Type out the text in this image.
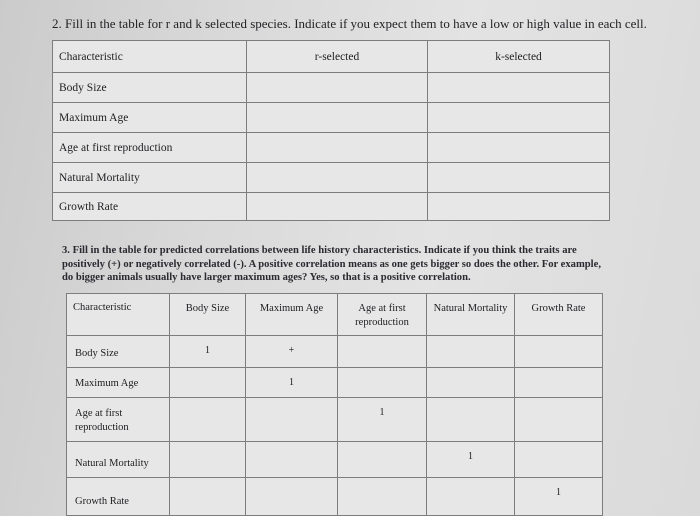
2. Fill in the table for r and k selected species. Indicate if you expect them to have a low or high value in each cell.
Characteristic	r-selected	k-selected
Body Size		
Maximum Age		
Age at first reproduction		
Natural Mortality		
Growth Rate		
3. Fill in the table for predicted correlations between life history characteristics. Indicate if you think the traits are positively (+) or negatively correlated (-). A positive correlation means as one gets bigger so does the other. For example, do bigger animals usually have larger maximum ages? Yes, so that is a positive correlation.
Characteristic	Body Size	Maximum Age	Age at first reproduction	Natural Mortality	Growth Rate
Body Size	1	+			
Maximum Age		1			
Age at first reproduction			1		
Natural Mortality				1	
Growth Rate					1
